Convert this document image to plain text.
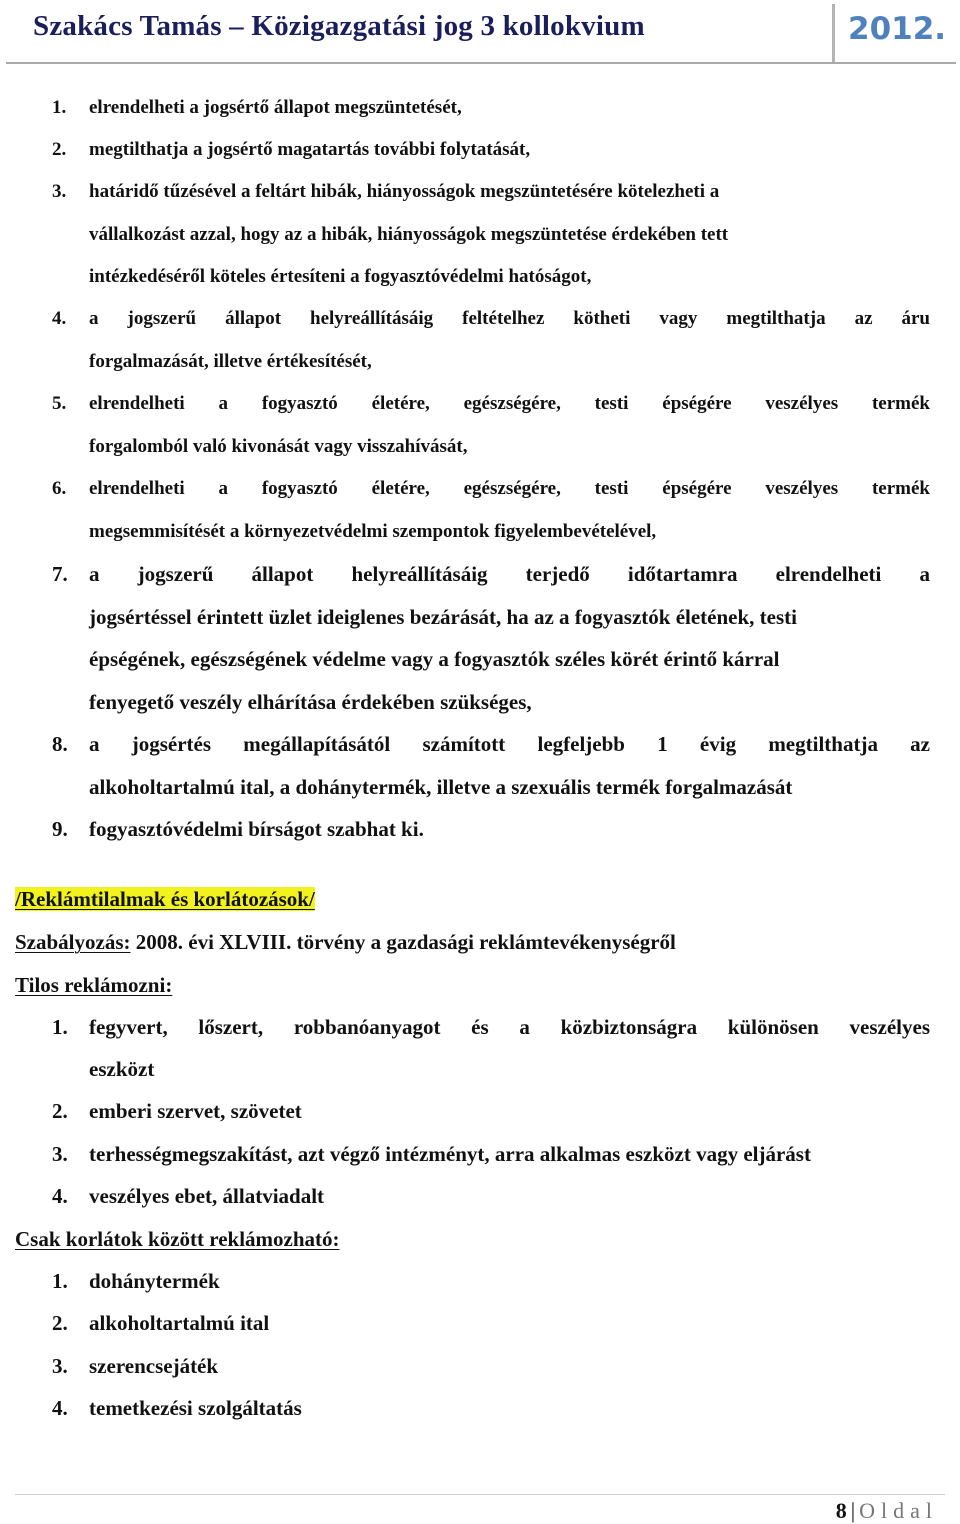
Szakács Tamás – Közigazgatási jog 3 kollokvium	2012.
1. elrendelheti a jogsértő állapot megszüntetését,
2. megtilthatja a jogsértő magatartás további folytatását,
3. határidő tűzésével a feltárt hibák, hiányosságok megszüntetésére kötelezheti a
vállalkozást azzal, hogy az a hibák, hiányosságok megszüntetése érdekében tett
intézkedéséről köteles értesíteni a fogyasztóvédelmi hatóságot,
4. a jogszerű állapot helyreállításáig feltételhez kötheti vagy megtilthatja az áru
forgalmazását, illetve értékesítését,
5. elrendelheti a fogyasztó életére, egészségére, testi épségére veszélyes termék
forgalomból való kivonását vagy visszahívását,
6. elrendelheti a fogyasztó életére, egészségére, testi épségére veszélyes termék
megsemmisítését a környezetvédelmi szempontok figyelembevételével,
7. a jogszerű állapot helyreállításáig terjedő időtartamra elrendelheti a
jogsértéssel érintett üzlet ideiglenes bezárását, ha az a fogyasztók életének, testi
épségének, egészségének védelme vagy a fogyasztók széles körét érintő kárral
fenyegető veszély elhárítása érdekében szükséges,
8. a jogsértés megállapításától számított legfeljebb 1 évig megtilthatja az
alkoholtartalmú ital, a dohánytermék, illetve a szexuális termék forgalmazását
9. fogyasztóvédelmi bírságot szabhat ki.
/Reklámtilalmak és korlátozások/
Szabályozás: 2008. évi XLVIII. törvény a gazdasági reklámtevékenységről
Tilos reklámozni:
1. fegyvert, lőszert, robbanóanyagot és a közbiztonságra különösen veszélyes
eszközt
2. emberi szervet, szövetet
3. terhességmegszakítást, azt végző intézményt, arra alkalmas eszközt vagy eljárást
4. veszélyes ebet, állatviadalt
Csak korlátok között reklámozható:
1. dohánytermék
2. alkoholtartalmú ital
3. szerencsejáték
4. temetkezési szolgáltatás
8 | Oldal
